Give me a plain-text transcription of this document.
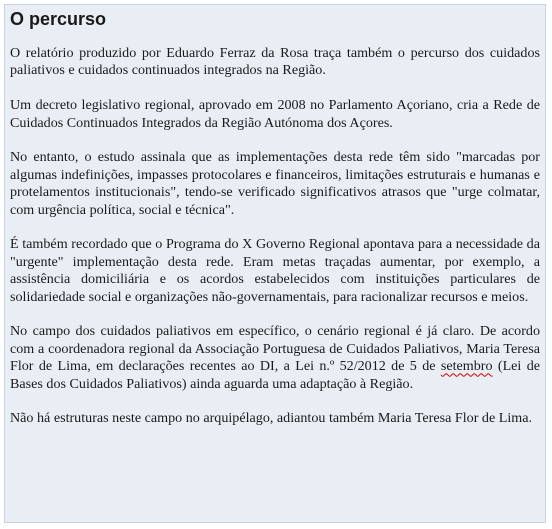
O percurso

O relatório produzido por Eduardo Ferraz da Rosa traça também o percurso dos cuidados paliativos e cuidados continuados integrados na Região.

Um decreto legislativo regional, aprovado em 2008 no Parlamento Açoriano, cria a Rede de Cuidados Continuados Integrados da Região Autónoma dos Açores.

No entanto, o estudo assinala que as implementações desta rede têm sido "marcadas por algumas indefinições, impasses protocolares e financeiros, limitações estruturais e humanas e protelamentos institucionais", tendo-se verificado significativos atrasos que "urge colmatar, com urgência política, social e técnica".

É também recordado que o Programa do X Governo Regional apontava para a necessidade da "urgente" implementação desta rede. Eram metas traçadas aumentar, por exemplo, a assistência domiciliária e os acordos estabelecidos com instituições particulares de solidariedade social e organizações não-governamentais, para racionalizar recursos e meios.

No campo dos cuidados paliativos em específico, o cenário regional é já claro. De acordo com a coordenadora regional da Associação Portuguesa de Cuidados Paliativos, Maria Teresa Flor de Lima, em declarações recentes ao DI, a Lei n.º 52/2012 de 5 de setembro (Lei de Bases dos Cuidados Paliativos) ainda aguarda uma adaptação à Região.

Não há estruturas neste campo no arquipélago, adiantou também Maria Teresa Flor de Lima.
